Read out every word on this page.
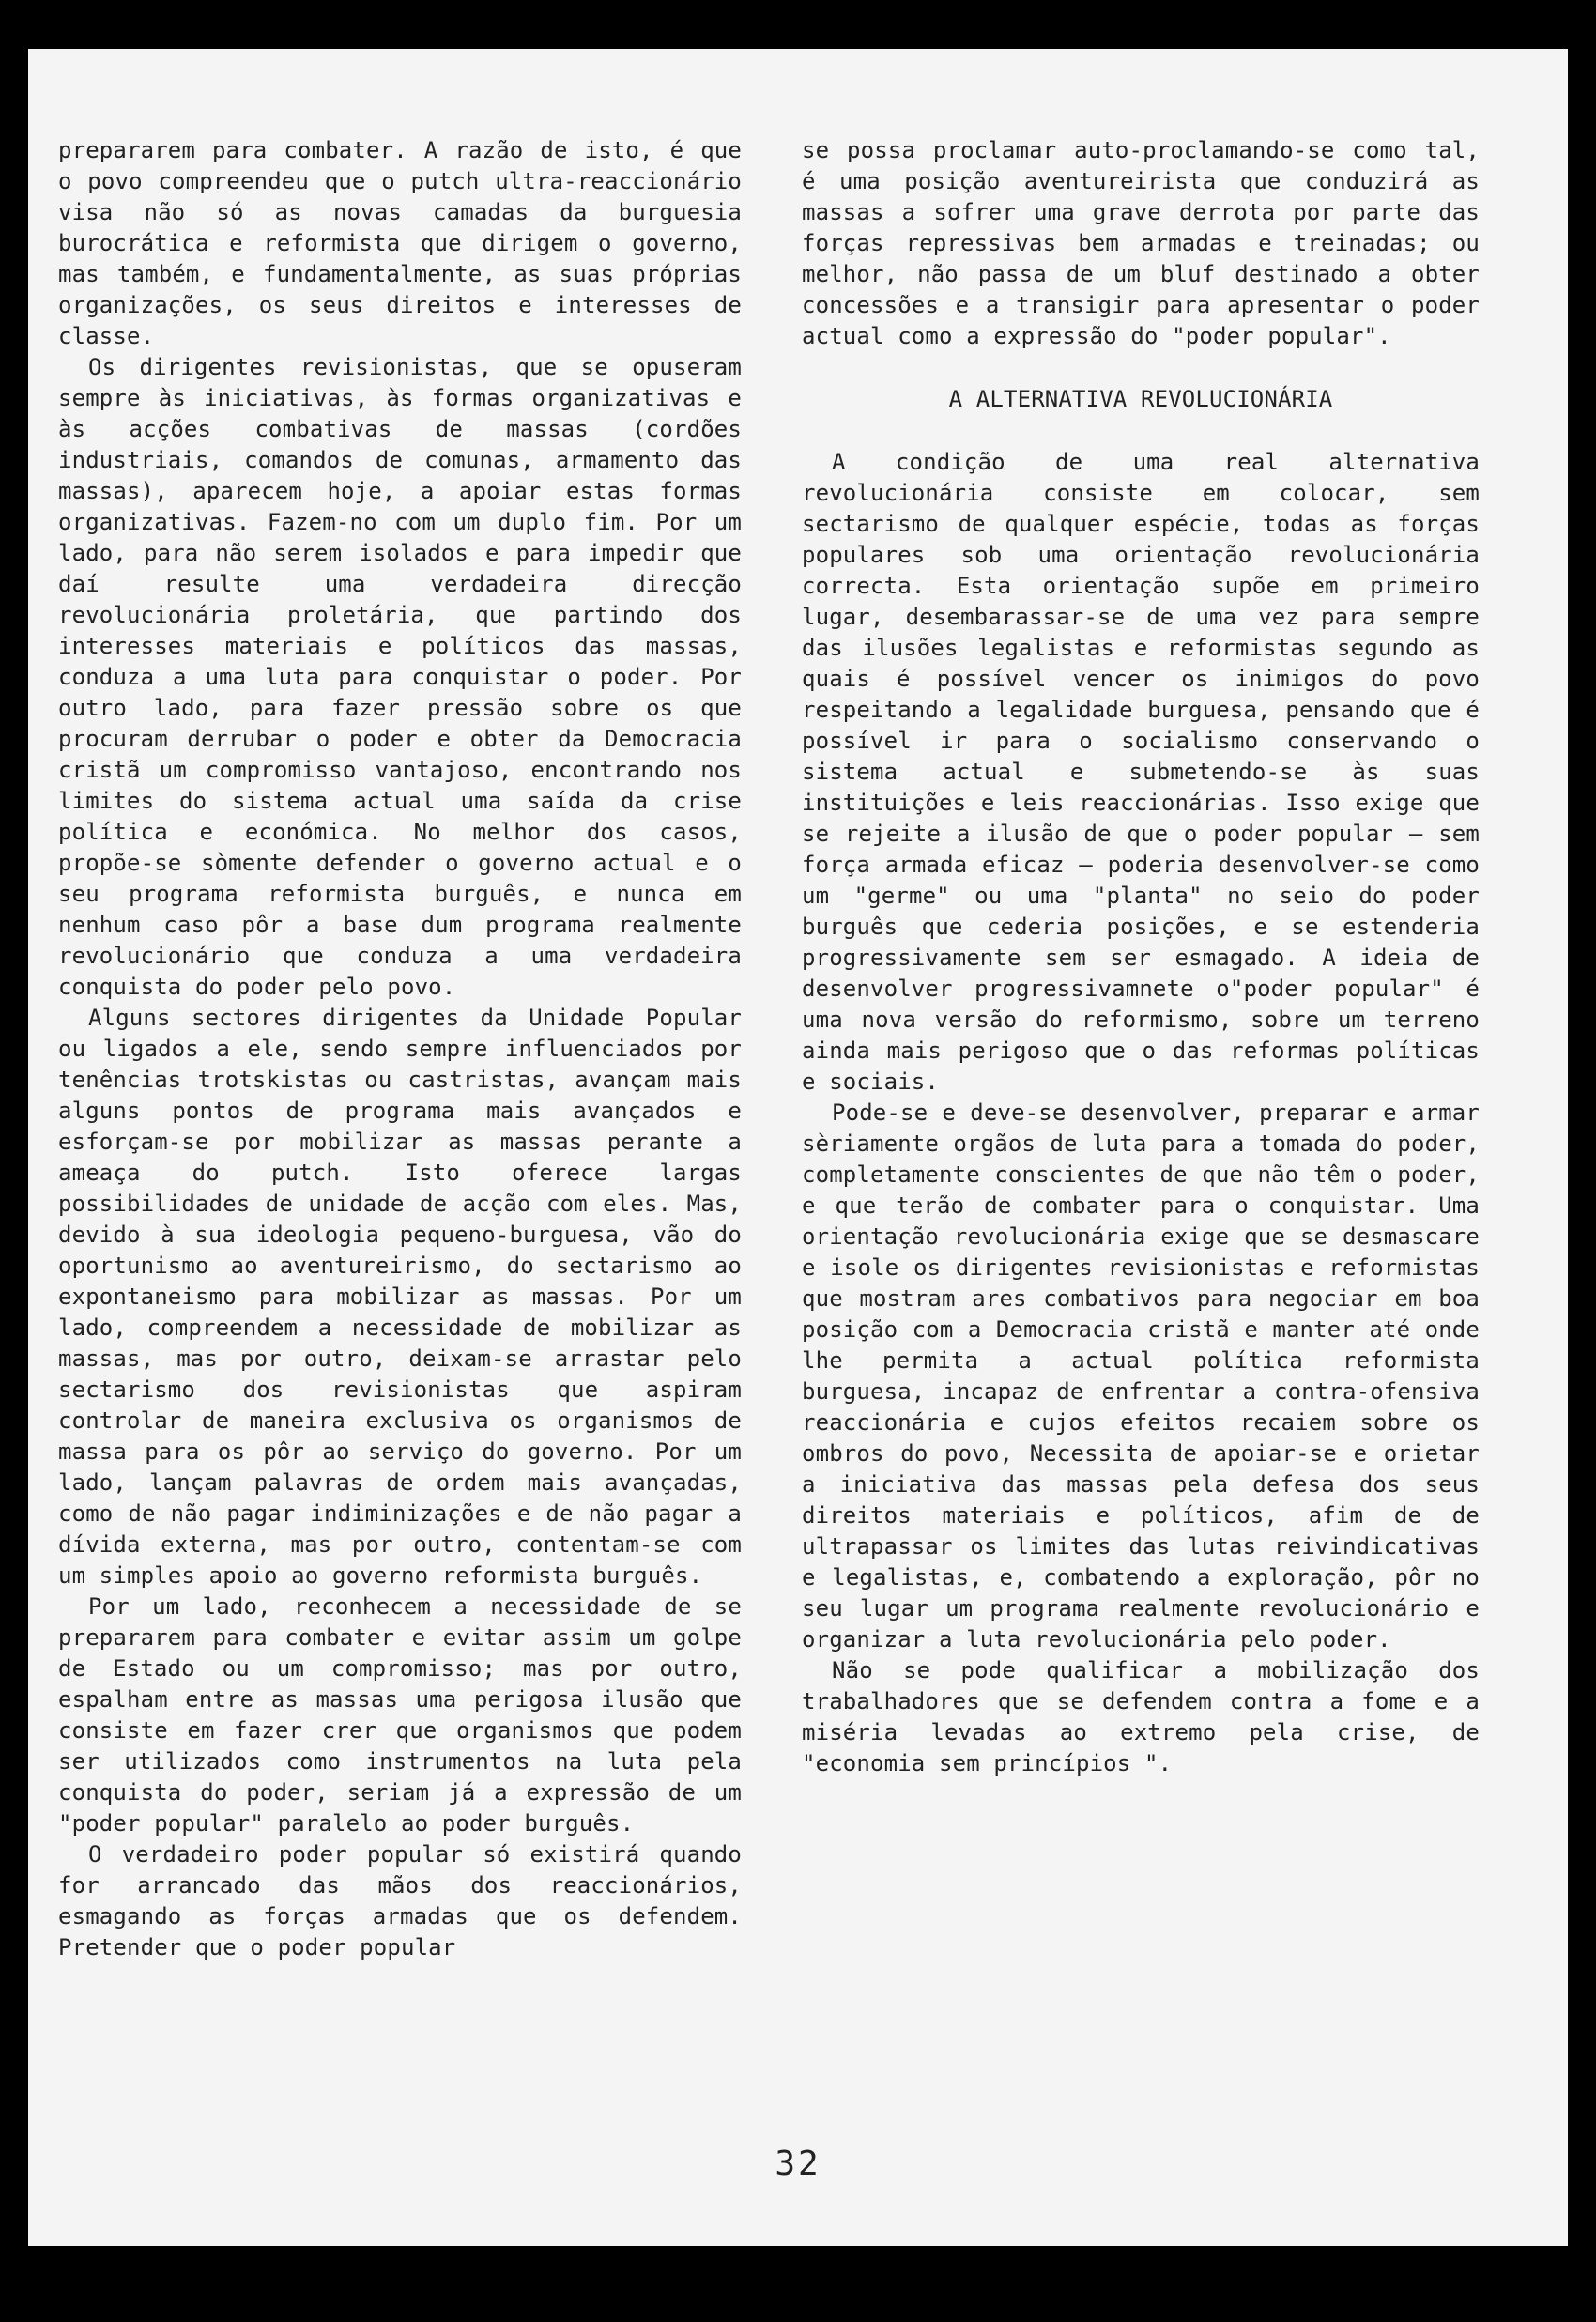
prepararem para combater. A razão de isto, é que o povo compreendeu que o putch ultra-reaccionário visa não só as novas camadas da burguesia burocrática e reformista que dirigem o governo, mas também, e fundamentalmente, as suas próprias organizações, os seus direitos e interesses de classe.

Os dirigentes revisionistas, que se opuseram sempre às iniciativas, às formas organizativas e às acções combativas de massas (cordões industriais, comandos de comunas, armamento das massas), aparecem hoje, a apoiar estas formas organizativas. Fazem-no com um duplo fim. Por um lado, para não serem isolados e para impedir que daí resulte uma verdadeira direcção revolucionária proletária, que partindo dos interesses materiais e políticos das massas, conduza a uma luta para conquistar o poder. Por outro lado, para fazer pressão sobre os que procuram derrubar o poder e obter da Democracia cristã um compromisso vantajoso, encontrando nos limites do sistema actual uma saída da crise política e económica. No melhor dos casos, propõe-se sòmente defender o governo actual e o seu programa reformista burguês, e nunca em nenhum caso pôr a base dum programa realmente revolucionário que conduza a uma verdadeira conquista do poder pelo povo.

Alguns sectores dirigentes da Unidade Popular ou ligados a ele, sendo sempre influenciados por tenências trotskistas ou castristas, avançam mais alguns pontos de programa mais avançados e esforçam-se por mobilizar as massas perante a ameaça do putch. Isto oferece largas possibilidades de unidade de acção com eles. Mas, devido à sua ideologia pequeno-burguesa, vão do oportunismo ao aventureirismo, do sectarismo ao expontaneismo para mobilizar as massas. Por um lado, compreendem a necessidade de mobilizar as massas, mas por outro, deixam-se arrastar pelo sectarismo dos revisionistas que aspiram controlar de maneira exclusiva os organismos de massa para os pôr ao serviço do governo. Por um lado, lançam palavras de ordem mais avançadas, como de não pagar indiminizações e de não pagar a dívida externa, mas por outro, contentam-se com um simples apoio ao governo reformista burguês.

Por um lado, reconhecem a necessidade de se prepararem para combater e evitar assim um golpe de Estado ou um compromisso; mas por outro, espalham entre as massas uma perigosa ilusão que consiste em fazer crer que organismos que podem ser utilizados como instrumentos na luta pela conquista do poder, seriam já a expressão de um "poder popular" paralelo ao poder burguês.

O verdadeiro poder popular só existirá quando for arrancado das mãos dos reaccionários, esmagando as forças armadas que os defendem. Pretender que o poder popular

se possa proclamar auto-proclamando-se como tal, é uma posição aventureirista que conduzirá as massas a sofrer uma grave derrota por parte das forças repressivas bem armadas e treinadas; ou melhor, não passa de um bluf destinado a obter concessões e a transigir para apresentar o poder actual como a expressão do "poder popular".

A ALTERNATIVA REVOLUCIONÁRIA

A condição de uma real alternativa revolucionária consiste em colocar, sem sectarismo de qualquer espécie, todas as forças populares sob uma orientação revolucionária correcta. Esta orientação supõe em primeiro lugar, desembarassar-se de uma vez para sempre das ilusões legalistas e reformistas segundo as quais é possível vencer os inimigos do povo respeitando a legalidade burguesa, pensando que é possível ir para o socialismo conservando o sistema actual e submetendo-se às suas instituições e leis reaccionárias. Isso exige que se rejeite a ilusão de que o poder popular — sem força armada eficaz — poderia desenvolver-se como um "germe" ou uma "planta" no seio do poder burguês que cederia posições, e se estenderia progressivamente sem ser esmagado. A ideia de desenvolver progressivamnete o"poder popular" é uma nova versão do reformismo, sobre um terreno ainda mais perigoso que o das reformas políticas e sociais.

Pode-se e deve-se desenvolver, preparar e armar sèriamente orgãos de luta para a tomada do poder, completamente conscientes de que não têm o poder, e que terão de combater para o conquistar. Uma orientação revolucionária exige que se desmascare e isole os dirigentes revisionistas e reformistas que mostram ares combativos para negociar em boa posição com a Democracia cristã e manter até onde lhe permita a actual política reformista burguesa, incapaz de enfrentar a contra-ofensiva reaccionária e cujos efeitos recaiem sobre os ombros do povo, Necessita de apoiar-se e orietar a iniciativa das massas pela defesa dos seus direitos materiais e políticos, afim de de ultrapassar os limites das lutas reivindicativas e legalistas, e, combatendo a exploração, pôr no seu lugar um programa realmente revolucionário e organizar a luta revolucionária pelo poder.

Não se pode qualificar a mobilização dos trabalhadores que se defendem contra a fome e a miséria levadas ao extremo pela crise, de "economia sem princípios ".

32
